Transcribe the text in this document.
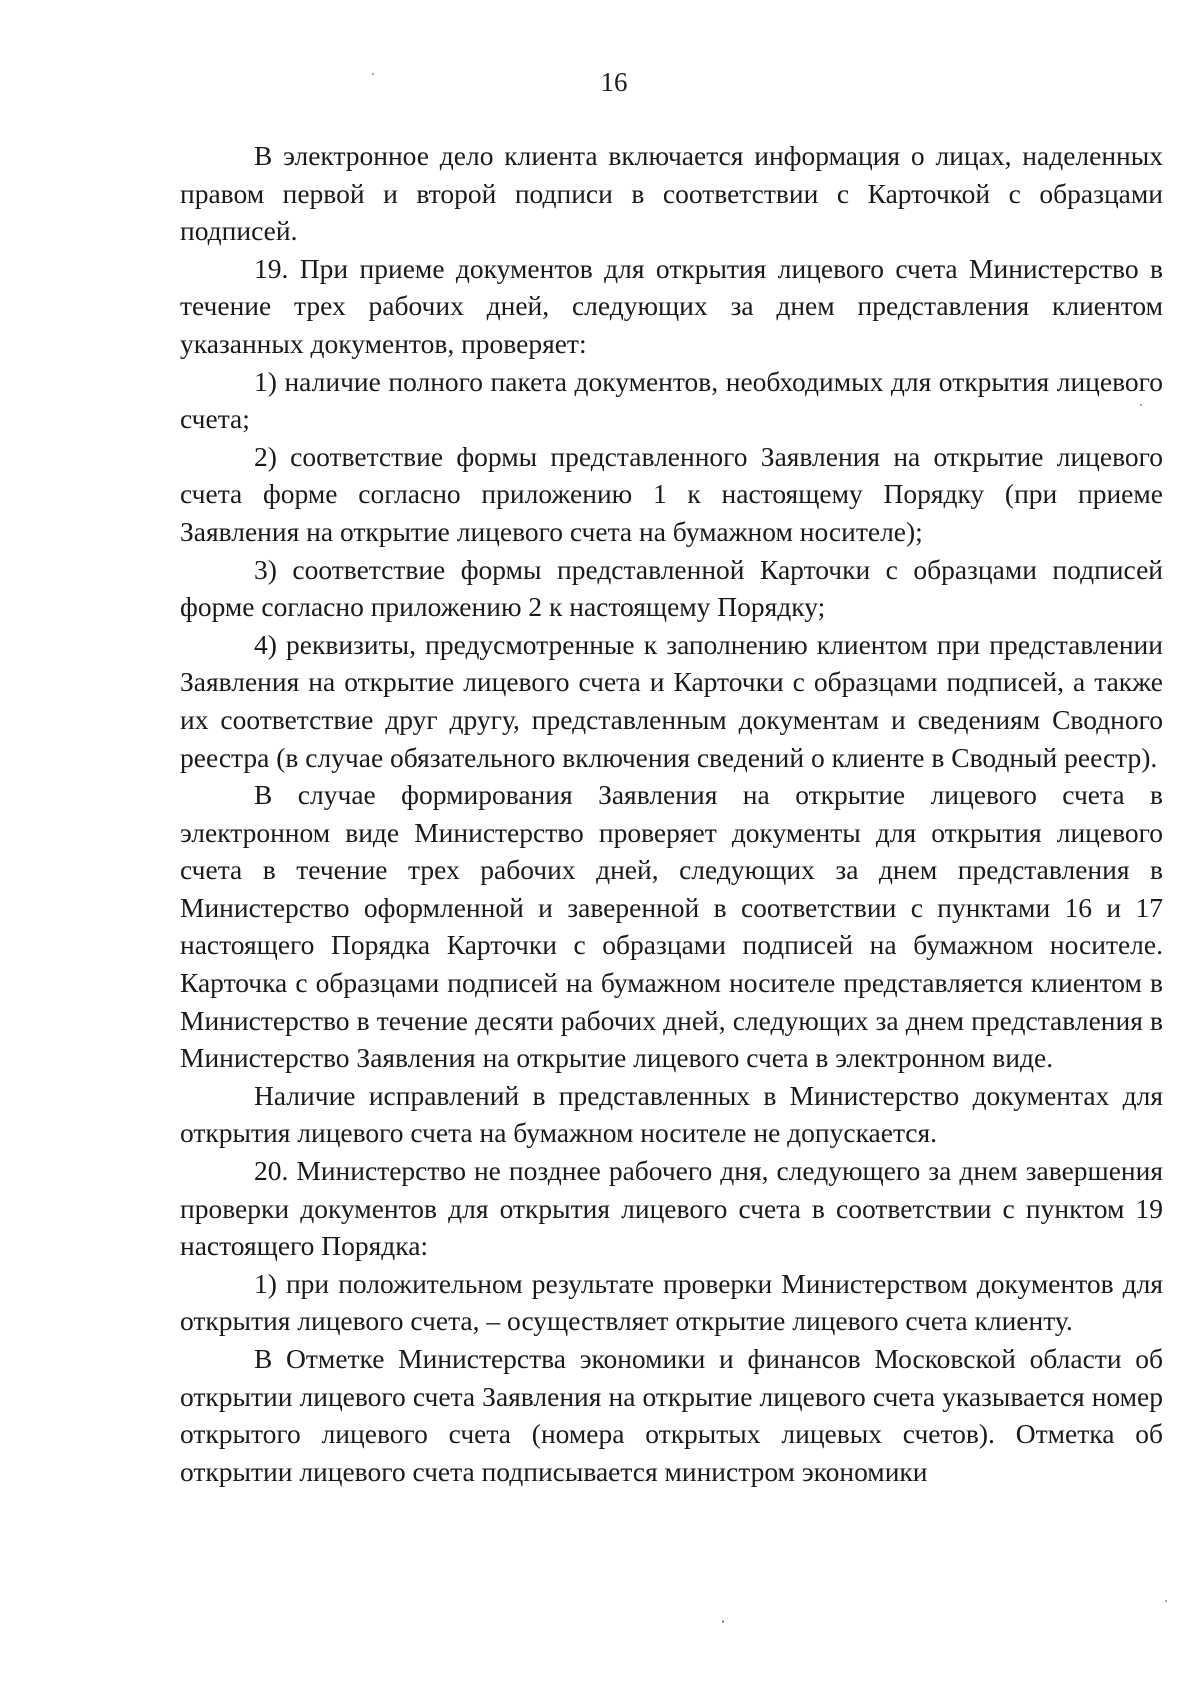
16

В электронное дело клиента включается информация о лицах, наделенных правом первой и второй подписи в соответствии с Карточкой с образцами подписей.

19. При приеме документов для открытия лицевого счета Министерство в течение трех рабочих дней, следующих за днем представления клиентом указанных документов, проверяет:

1) наличие полного пакета документов, необходимых для открытия лицевого счета;

2) соответствие формы представленного Заявления на открытие лицевого счета форме согласно приложению 1 к настоящему Порядку (при приеме Заявления на открытие лицевого счета на бумажном носителе);

3) соответствие формы представленной Карточки с образцами подписей форме согласно приложению 2 к настоящему Порядку;

4) реквизиты, предусмотренные к заполнению клиентом при представлении Заявления на открытие лицевого счета и Карточки с образцами подписей, а также их соответствие друг другу, представленным документам и сведениям Сводного реестра (в случае обязательного включения сведений о клиенте в Сводный реестр).

В случае формирования Заявления на открытие лицевого счета в электронном виде Министерство проверяет документы для открытия лицевого счета в течение трех рабочих дней, следующих за днем представления в Министерство оформленной и заверенной в соответствии с пунктами 16 и 17 настоящего Порядка Карточки с образцами подписей на бумажном носителе. Карточка с образцами подписей на бумажном носителе представляется клиентом в Министерство в течение десяти рабочих дней, следующих за днем представления в Министерство Заявления на открытие лицевого счета в электронном виде.

Наличие исправлений в представленных в Министерство документах для открытия лицевого счета на бумажном носителе не допускается.

20. Министерство не позднее рабочего дня, следующего за днем завершения проверки документов для открытия лицевого счета в соответствии с пунктом 19 настоящего Порядка:

1) при положительном результате проверки Министерством документов для открытия лицевого счета, – осуществляет открытие лицевого счета клиенту.

В Отметке Министерства экономики и финансов Московской области об открытии лицевого счета Заявления на открытие лицевого счета указывается номер открытого лицевого счета (номера открытых лицевых счетов). Отметка об открытии лицевого счета подписывается министром экономики
